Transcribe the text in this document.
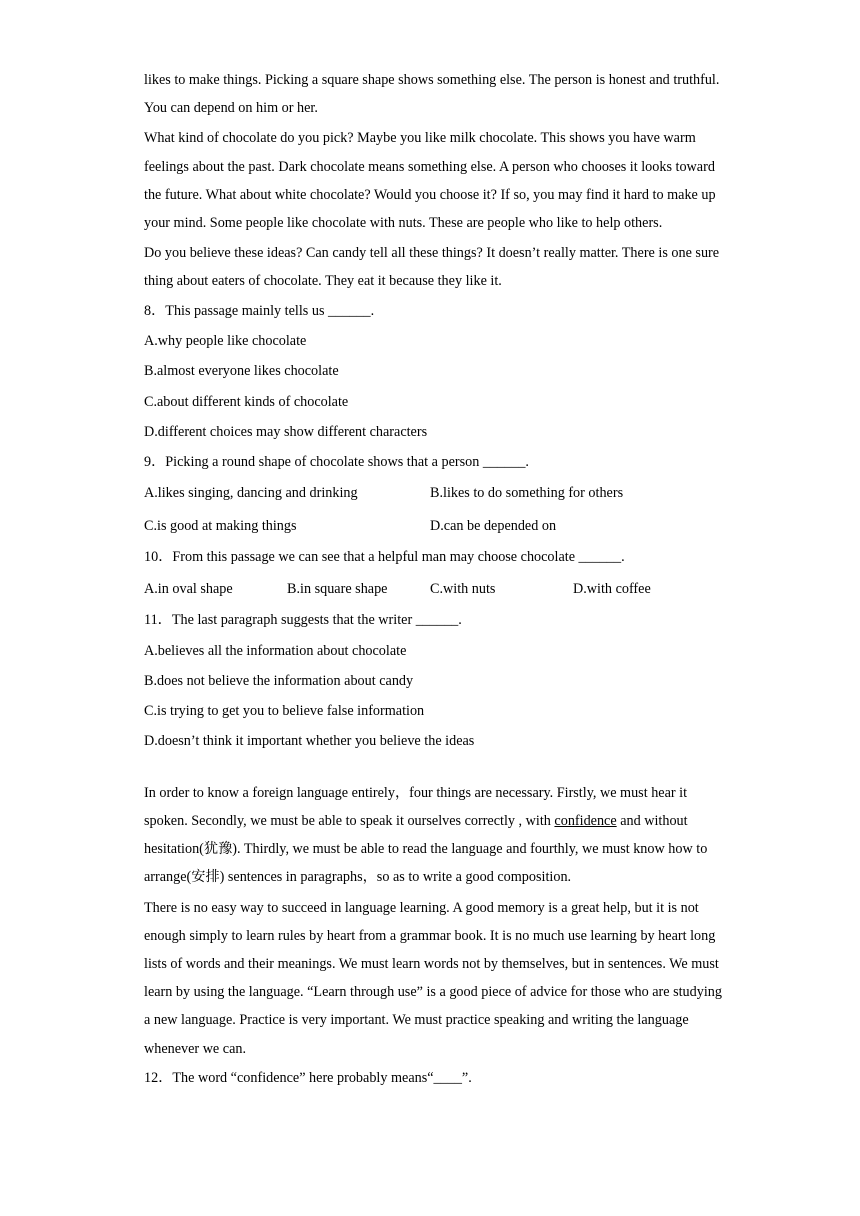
likes to make things. Picking a square shape shows something else. The person is honest and truthful. You can depend on him or her.

What kind of chocolate do you pick? Maybe you like milk chocolate. This shows you have warm feelings about the past. Dark chocolate means something else. A person who chooses it looks toward the future. What about white chocolate? Would you choose it? If so, you may find it hard to make up your mind. Some people like chocolate with nuts. These are people who like to help others.

Do you believe these ideas? Can candy tell all these things? It doesn’t really matter. There is one sure thing about eaters of chocolate. They eat it because they like it.

8．This passage mainly tells us ______.

A.why people like chocolate

B.almost everyone likes chocolate

C.about different kinds of chocolate

D.different choices may show different characters

9．Picking a round shape of chocolate shows that a person ______.

A.likes singing, dancing and drinking	B.likes to do something for others
C.is good at making things	D.can be depended on

10．From this passage we can see that a helpful man may choose chocolate ______.

A.in oval shape	B.in square shape	C.with nuts	D.with coffee

11．The last paragraph suggests that the writer ______.

A.believes all the information about chocolate

B.does not believe the information about candy

C.is trying to get you to believe false information

D.doesn’t think it important whether you believe the ideas

In order to know a foreign language entirely，four things are necessary. Firstly, we must hear it spoken. Secondly, we must be able to speak it ourselves correctly , with confidence and without hesitation(犹豫). Thirdly, we must be able to read the language and fourthly, we must know how to arrange(安排) sentences in paragraphs，so as to write a good composition.

There is no easy way to succeed in language learning. A good memory is a great help, but it is not enough simply to learn rules by heart from a grammar book. It is no much use learning by heart long lists of words and their meanings. We must learn words not by themselves, but in sentences. We must learn by using the language. “Learn through use” is a good piece of advice for those who are studying a new language. Practice is very important. We must practice speaking and writing the language whenever we can.

12．The word “confidence” here probably means“____”.
